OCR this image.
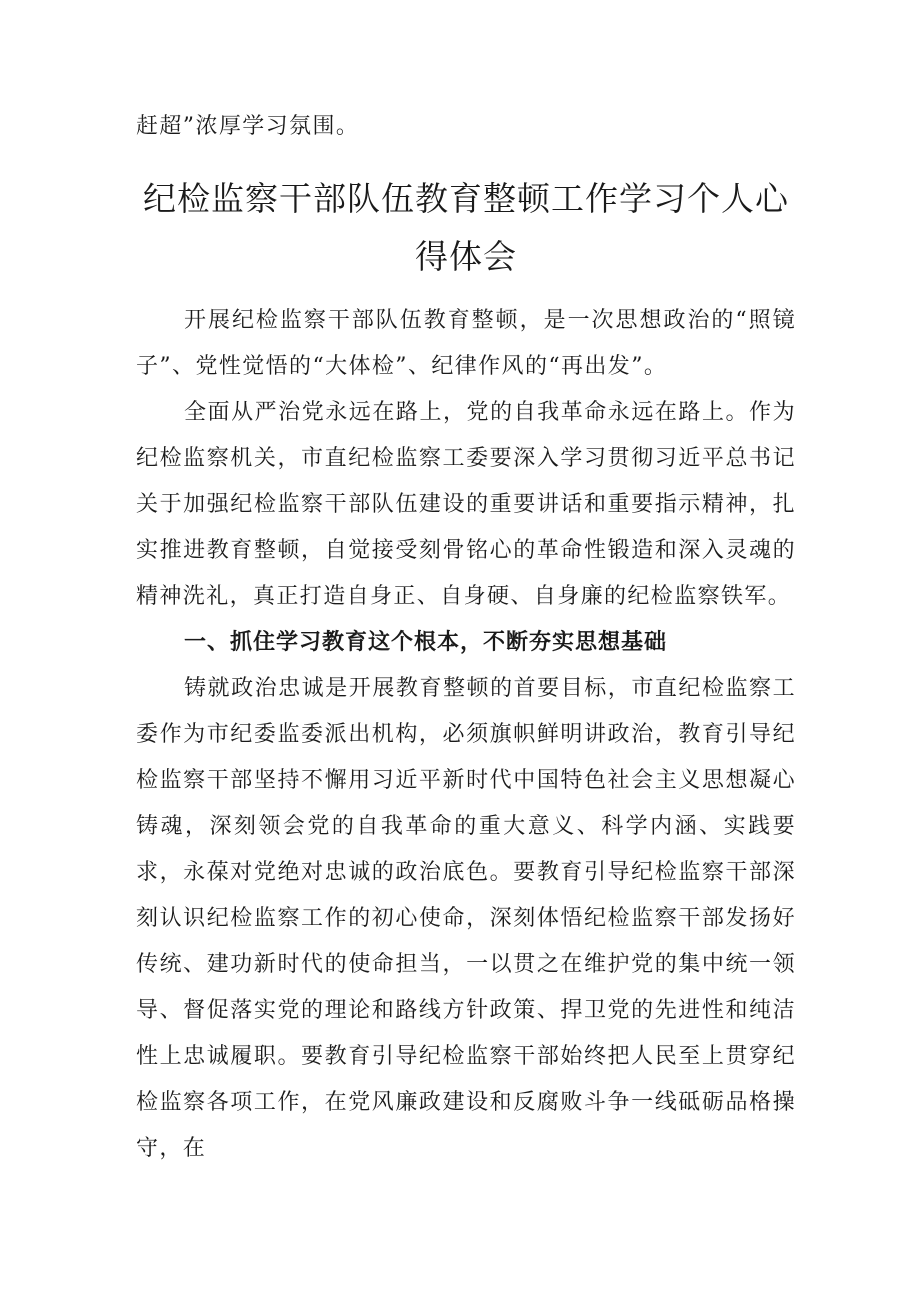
赶超”浓厚学习氛围。

纪检监察干部队伍教育整顿工作学习个人心得体会

开展纪检监察干部队伍教育整顿，是一次思想政治的“照镜子”、党性觉悟的“大体检”、纪律作风的“再出发”。

全面从严治党永远在路上，党的自我革命永远在路上。作为纪检监察机关，市直纪检监察工委要深入学习贯彻习近平总书记关于加强纪检监察干部队伍建设的重要讲话和重要指示精神，扎实推进教育整顿，自觉接受刻骨铭心的革命性锻造和深入灵魂的精神洗礼，真正打造自身正、自身硬、自身廉的纪检监察铁军。

一、抓住学习教育这个根本，不断夯实思想基础

铸就政治忠诚是开展教育整顿的首要目标，市直纪检监察工委作为市纪委监委派出机构，必须旗帜鲜明讲政治，教育引导纪检监察干部坚持不懈用习近平新时代中国特色社会主义思想凝心铸魂，深刻领会党的自我革命的重大意义、科学内涵、实践要求，永葆对党绝对忠诚的政治底色。要教育引导纪检监察干部深刻认识纪检监察工作的初心使命，深刻体悟纪检监察干部发扬好传统、建功新时代的使命担当，一以贯之在维护党的集中统一领导、督促落实党的理论和路线方针政策、捍卫党的先进性和纯洁性上忠诚履职。要教育引导纪检监察干部始终把人民至上贯穿纪检监察各项工作，在党风廉政建设和反腐败斗争一线砥砺品格操守，在
